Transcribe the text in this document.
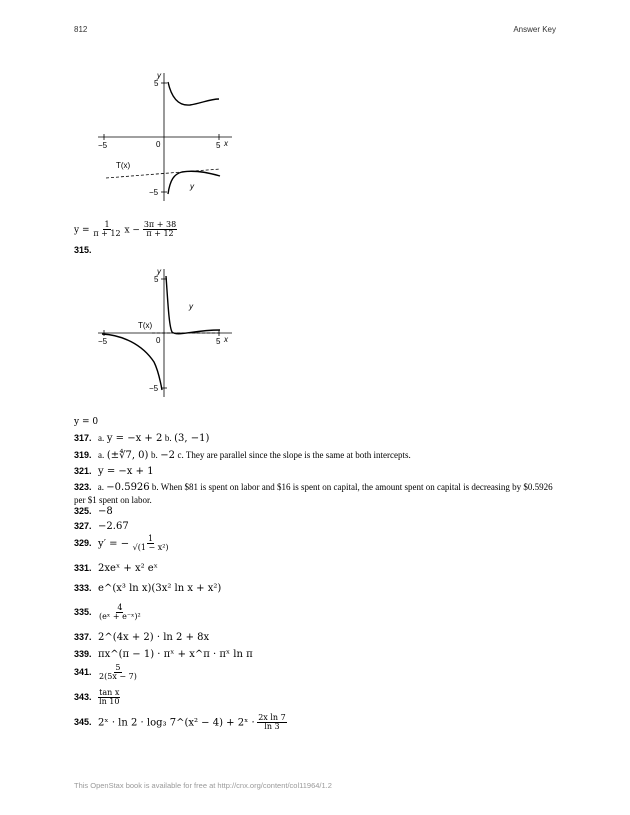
812	Answer Key
y
x
5
−5
−5	5
0
T(x)
y
$y = \frac{1}{\pi + 12}$ $x - \frac{3\pi + 38}{\pi + 12}$
315.
y
x
5
−5
−5	5
0
T(x)
y
y = 0
317. a. y = −x + 2 b. (3, −1)
319. a. (±∜7, 0) b. −2 c. They are parallel since the slope is the same at both intercepts.
321. y = −x + 1
323. a. −0.5926 b. When $81 is spent on labor and $16 is spent on capital, the amount spent on capital is decreasing by $0.5926
per $1 spent on labor.
325. −8
327. −2.67
329. y′ = − $\frac{1}{\text{√(1 − x²)}}$
331. 2xeˣ + x² eˣ
333. e^(x³ ln x)(3x² ln x + x²)
335. $\frac{4}{\text{(eˣ + e⁻ˣ)²}}$
337. 2^(4x + 2) · ln 2 + 8x
339. πx^(π − 1) · πˣ + x^π · πˣ ln π
341. $\frac{5}{2(5x - 7)}$
343. $\frac{\text{tan x}}{\ln 10}$
345. 2ˣ · ln 2 · log₃ 7^(x² − 4) + 2ˣ · $\frac{\text{2x ln 7}}{\ln 3}$
This OpenStax book is available for free at http://cnx.org/content/col11964/1.2
